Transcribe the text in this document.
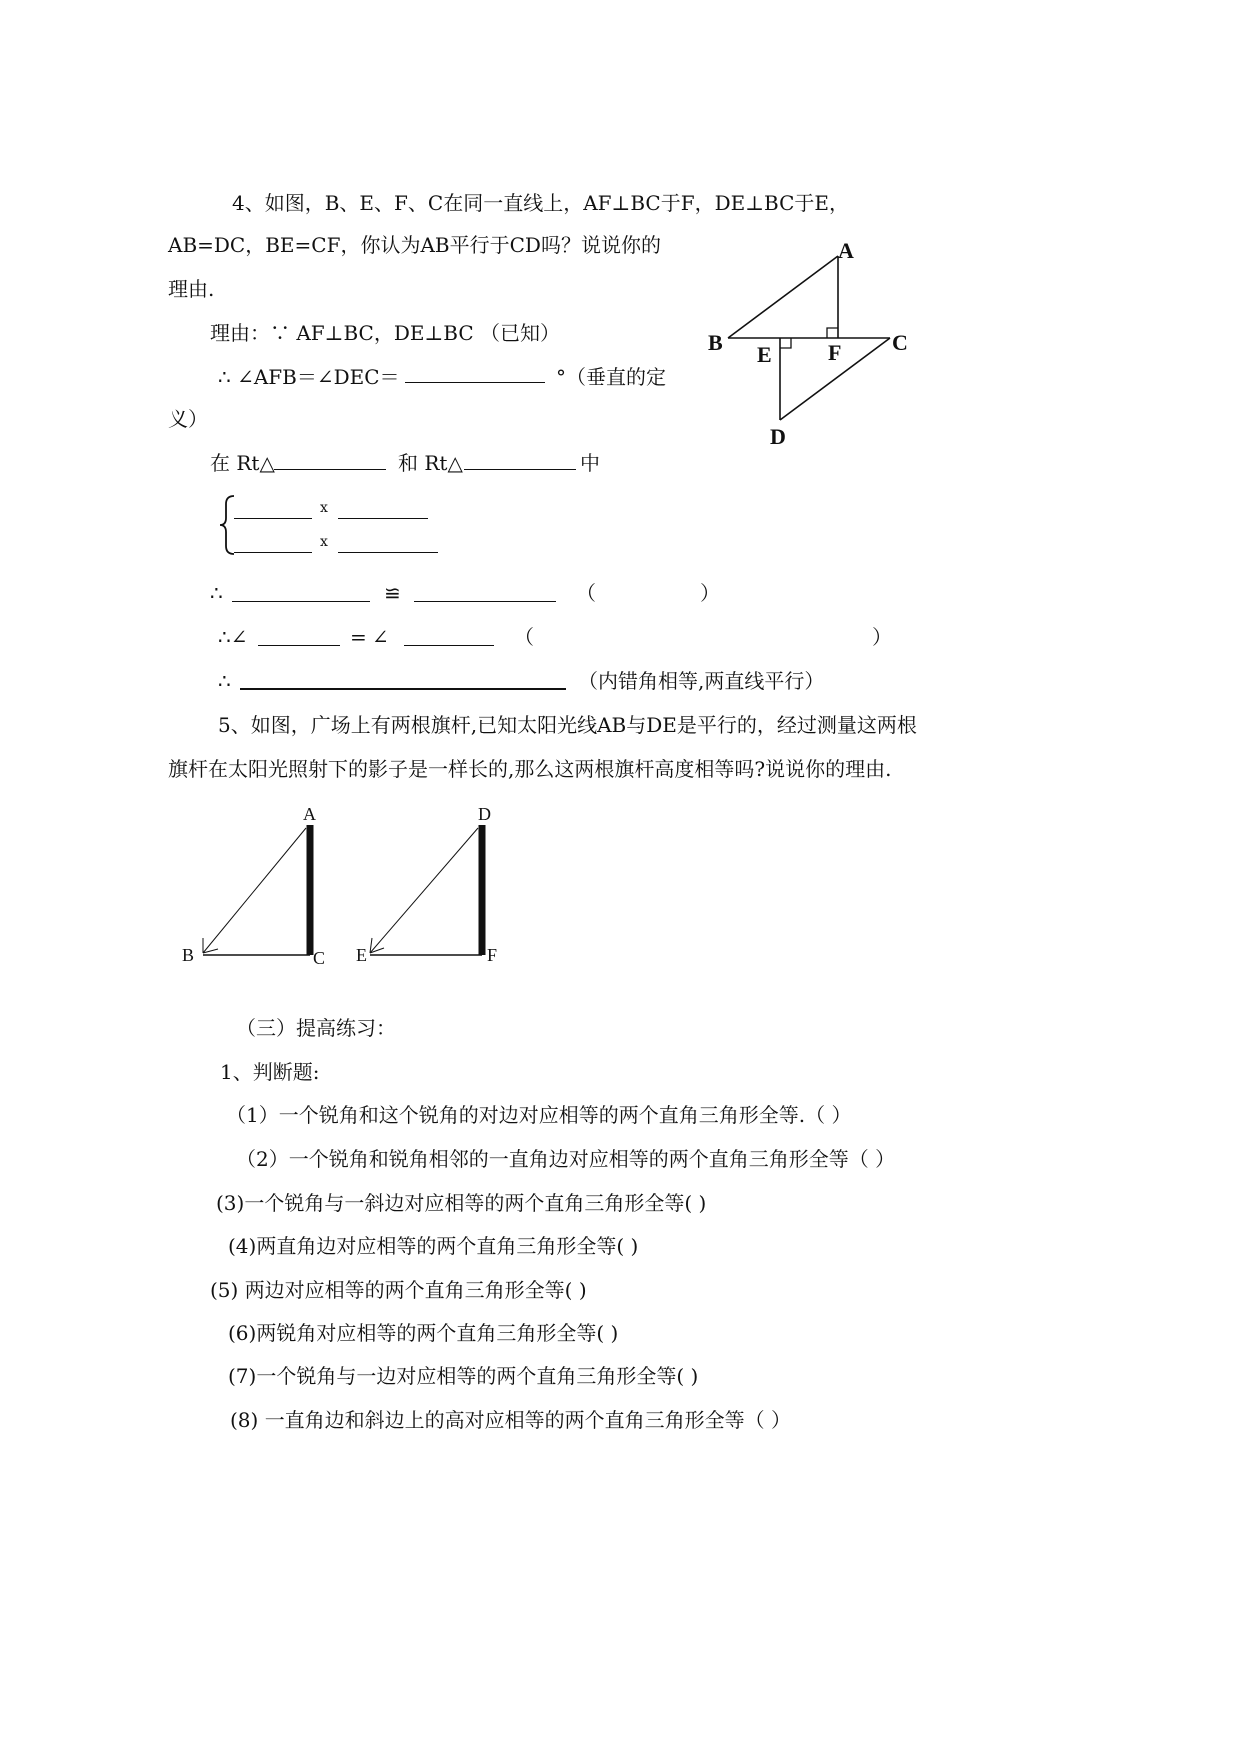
4、如图，B、E、F、C在同一直线上，AF⊥BC于F，DE⊥BC于E，
AB=DC，BE=CF，你认为AB平行于CD吗？说说你的
理由.
理由：∵ AF⊥BC，DE⊥BC （已知）
∴ ∠AFB＝∠DEC＝	°（垂直的定
义）
在 Rt△	和 Rt△	中
ⅹ
ⅹ
∴	≌	（	）
∴∠	= ∠	（	）
∴	（内错角相等,两直线平行）
A
B	C
D
E	F
5、如图，广场上有两根旗杆,已知太阳光线AB与DE是平行的，经过测量这两根
旗杆在太阳光照射下的影子是一样长的,那么这两根旗杆高度相等吗?说说你的理由.
A
B	C
D
E	F
（三）提高练习：
1、判断题:
（1）一个锐角和这个锐角的对边对应相等的两个直角三角形全等.（ ）
（2）一个锐角和锐角相邻的一直角边对应相等的两个直角三角形全等（ ）
(3)一个锐角与一斜边对应相等的两个直角三角形全等( )
(4)两直角边对应相等的两个直角三角形全等( )
(5) 两边对应相等的两个直角三角形全等( )
(6)两锐角对应相等的两个直角三角形全等( )
(7)一个锐角与一边对应相等的两个直角三角形全等( )
(8) 一直角边和斜边上的高对应相等的两个直角三角形全等（ ）
